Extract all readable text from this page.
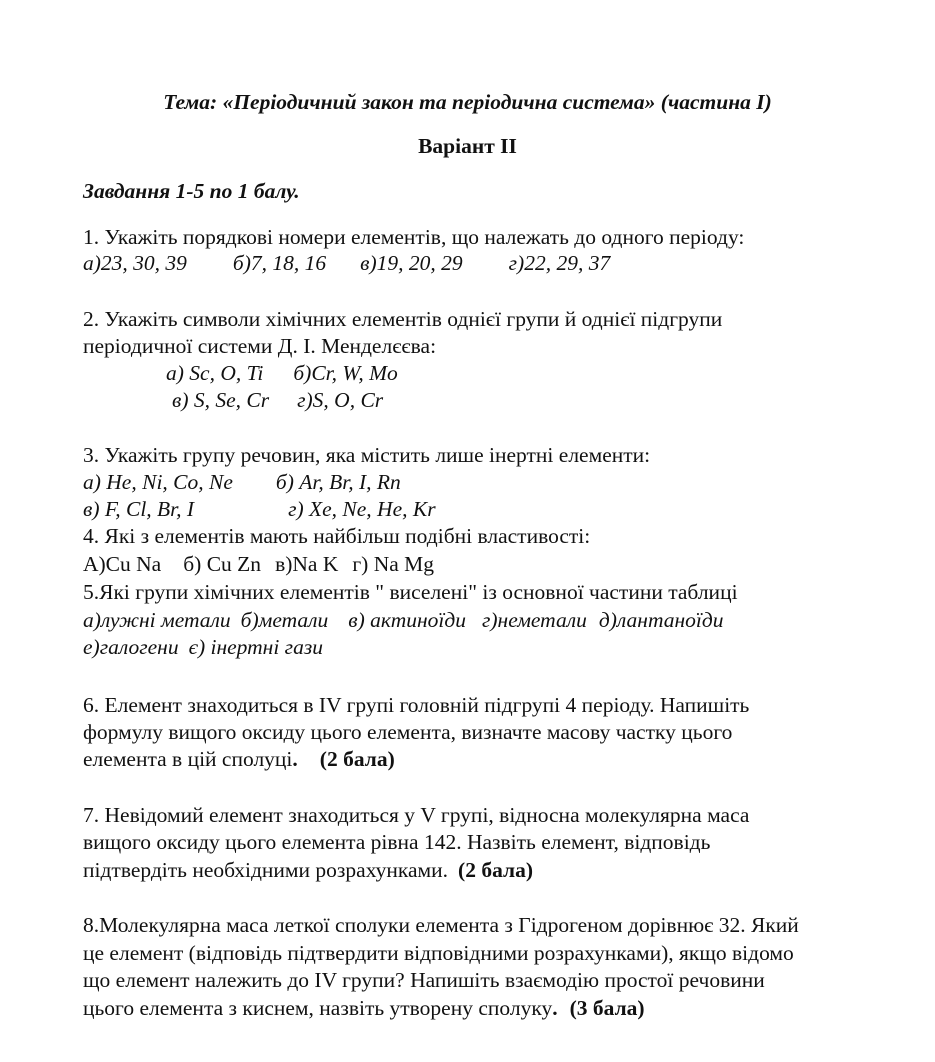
Тема: «Періодичний закон та періодична система» (частина І)
Варіант ІІ
Завдання 1-5 по 1 балу.
1. Укажіть порядкові номери елементів, що належать до одного періоду:
а)23, 30, 39 б)7, 18, 16 в)19, 20, 29 г)22, 29, 37
2. Укажіть символи хімічних елементів однієї групи й однієї підгрупи
періодичної системи Д. І. Менделєєва:
а) Sc, O, Ti б)Cr, W, Mo
в) S, Se, Cr г)S, O, Cr
3. Укажіть групу речовин, яка містить лише інертні елементи:
а) He, Ni, Co, Ne б) Ar, Br, I, Rn
в) F, Cl, Br, I	г) Xe, Ne, He, Kr
4. Які з елементів мають найбільш подібні властивості:
А)Cu Na б) Cu Zn в)Na K г) Na Mg
5.Які групи хімічних елементів " виселені" із основної частини таблиці
а)лужні метали б)метали в) актиноїди г)неметали д)лантаноїди
е)галогени є) інертні гази
6. Елемент знаходиться в IV групі головній підгрупі 4 періоду. Напишіть
формулу вищого оксиду цього елемента, визначте масову частку цього
елемента в цій сполуці. (2 бала)
7. Невідомий елемент знаходиться у V групі, відносна молекулярна маса
вищого оксиду цього елемента рівна 142. Назвіть елемент, відповідь
підтвердіть необхідними розрахунками. (2 бала)
8.Молекулярна маса леткої сполуки елемента з Гідрогеном дорівнює 32. Який
це елемент (відповідь підтвердити відповідними розрахунками), якщо відомо
що елемент належить до IV групи? Напишіть взаємодію простої речовини
цього елемента з киснем, назвіть утворену сполуку. (3 бала)
